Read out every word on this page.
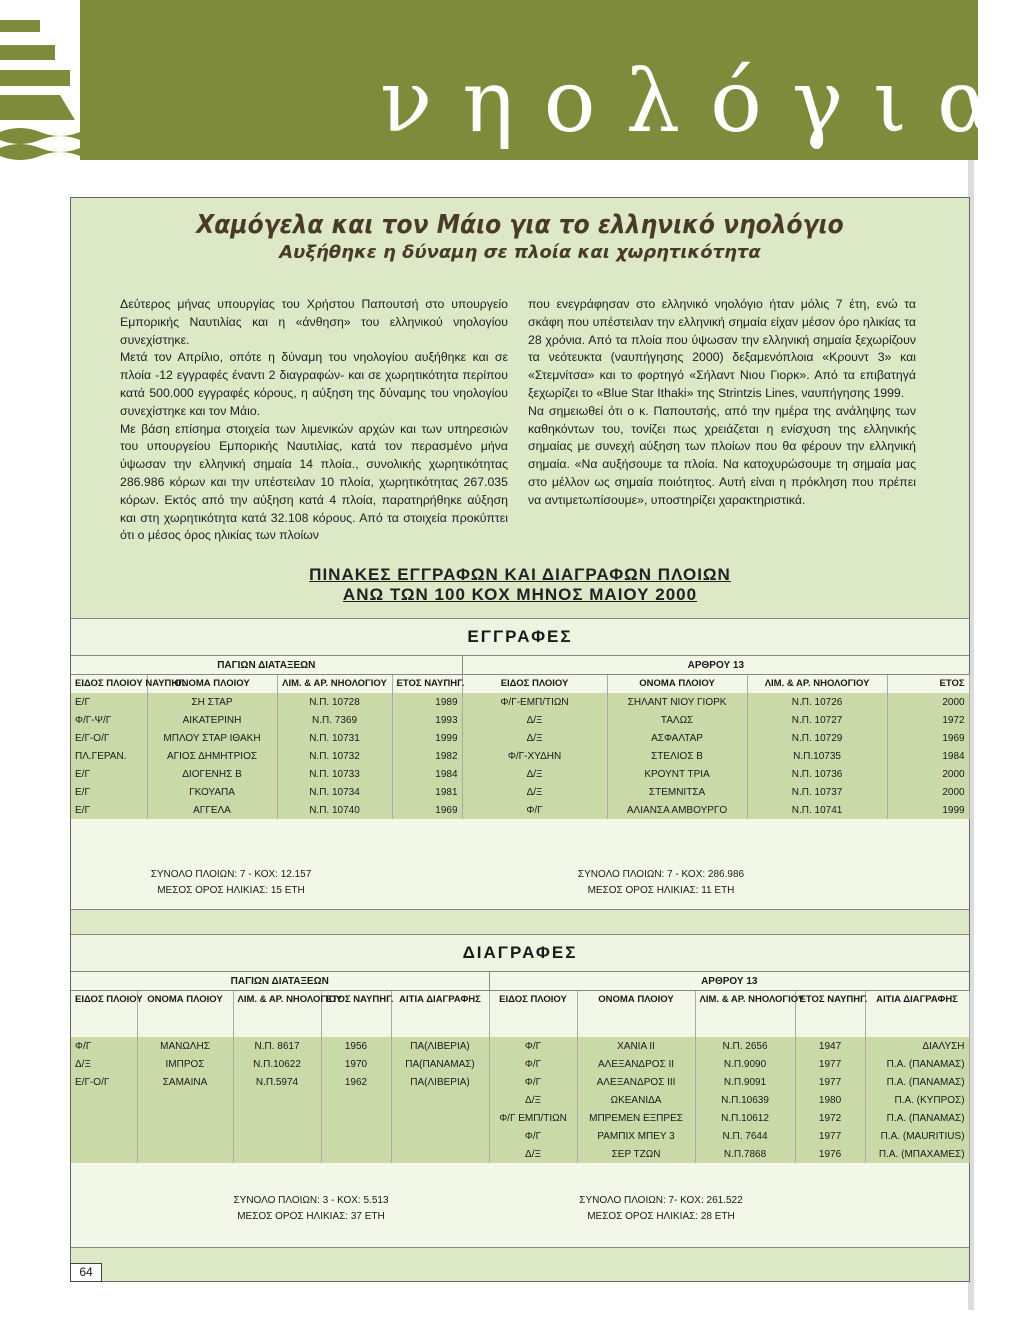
νηολόγια
Χαμόγελα και τον Μάιο για το ελληνικό νηολόγιο
Αυξήθηκε η δύναμη σε πλοία και χωρητικότητα

Δεύτερος μήνας υπουργίας του Χρήστου Παπουτσή στο υπουργείο Εμπορικής Ναυτιλίας και η «άνθηση» του ελληνικού νηολογίου συνεχίστηκε.

Μετά τον Απρίλιο, οπότε η δύναμη του νηολογίου αυξήθηκε και σε πλοία -12 εγγραφές έναντι 2 διαγραφών- και σε χωρητικότητα περίπου κατά 500.000 εγγραφές κόρους, η αύξηση της δύναμης του νηολογίου συνεχίστηκε και τον Μάιο.

Με βάση επίσημα στοιχεία των λιμενικών αρχών και των υπηρεσιών του υπουργείου Εμπορικής Ναυτιλίας, κατά τον περασμένο μήνα ύψωσαν την ελληνική σημαία 14 πλοία., συνολικής χωρητικότητας 286.986 κόρων και την υπέστειλαν 10 πλοία, χωρητικότητας 267.035 κόρων. Εκτός από την αύξηση κατά 4 πλοία, παρατηρήθηκε αύξηση και στη χωρητικότητα κατά 32.108 κόρους. Από τα στοιχεία προκύπτει ότι ο μέσος όρος ηλικίας των πλοίων

που ενεγράφησαν στο ελληνικό νηολόγιο ήταν μόλις 7 έτη, ενώ τα σκάφη που υπέστειλαν την ελληνική σημαία είχαν μέσον όρο ηλικίας τα 28 χρόνια. Από τα πλοία που ύψωσαν την ελληνική σημαία ξεχωρίζουν τα νεότευκτα (ναυπήγησης 2000) δεξαμενόπλοια «Κρουντ 3» και «Στεμνίτσα» και το φορτηγό «Σήλαντ Νιου Γιορκ». Από τα επιβατηγά ξεχωρίζει το «Blue Star Ithaki» της Strintzis Lines, ναυπήγησης 1999.

Να σημειωθεί ότι ο κ. Παπουτσής, από την ημέρα της ανάληψης των καθηκόντων του, τονίζει πως χρειάζεται η ενίσχυση της ελληνικής σημαίας με συνεχή αύξηση των πλοίων που θα φέρουν την ελληνική σημαία. «Να αυξήσουμε τα πλοία. Να κατοχυρώσουμε τη σημαία μας στο μέλλον ως σημαία ποιότητος. Αυτή είναι η πρόκληση που πρέπει να αντιμετωπίσουμε», υποστηρίζει χαρακτηριστικά.

ΠΙΝΑΚΕΣ ΕΓΓΡΑΦΩΝ ΚΑΙ ΔΙΑΓΡΑΦΩΝ ΠΛΟΙΩΝ
ΑΝΩ ΤΩΝ 100 ΚΟΧ ΜΗΝΟΣ ΜΑΙΟΥ 2000
ΕΓΓΡΑΦΕΣ
ΠΑΓΙΩΝ ΔΙΑΤΑΞΕΩΝ				ΑΡΘΡΟΥ 13			
ΕΙΔΟΣ ΠΛΟΙΟΥ ΝΑΥΠΗΓ.	ΟΝΟΜΑ ΠΛΟΙΟΥ	ΛΙΜ. & ΑΡ. ΝΗΟΛΟΓΙΟΥ	ΕΤΟΣ ΝΑΥΠΗΓ.	ΕΙΔΟΣ ΠΛΟΙΟΥ	ΟΝΟΜΑ ΠΛΟΙΟΥ	ΛΙΜ. & ΑΡ. ΝΗΟΛΟΓΙΟΥ	ΕΤΟΣ
Ε/Γ	ΣΗ ΣΤΑΡ	Ν.Π. 10728	1989	Φ/Γ-ΕΜΠ/ΤΙΩΝ	ΣΗΛΑΝΤ ΝΙΟΥ ΓΙΟΡΚ	Ν.Π. 10726	2000
Φ/Γ-Ψ/Γ	ΑΙΚΑΤΕΡΙΝΗ	Ν.Π. 7369	1993	Δ/Ξ	ΤΑΛΩΣ	Ν.Π. 10727	1972
Ε/Γ-Ο/Γ	ΜΠΛΟΥ ΣΤΑΡ ΙΘΑΚΗ	Ν.Π. 10731	1999	Δ/Ξ	ΑΣΦΑΛΤΑΡ	Ν.Π. 10729	1969
ΠΛ.ΓΕΡΑΝ.	ΑΓΙΟΣ ΔΗΜΗΤΡΙΟΣ	Ν.Π. 10732	1982	Φ/Γ-ΧΥΔΗΝ	ΣΤΕΛΙΟΣ Β	Ν.Π.10735	1984
Ε/Γ	ΔΙΟΓΕΝΗΣ Β	Ν.Π. 10733	1984	Δ/Ξ	ΚΡΟΥΝΤ ΤΡΙΑ	Ν.Π. 10736	2000
Ε/Γ	ΓΚΟΥΑΠΑ	Ν.Π. 10734	1981	Δ/Ξ	ΣΤΕΜΝΙΤΣΑ	Ν.Π. 10737	2000
Ε/Γ	ΑΓΓΕΛΑ	Ν.Π. 10740	1969	Φ/Γ	ΑΛΙΑΝΣΑ ΑΜΒΟΥΡΓΟ	Ν.Π. 10741	1999
ΣΥΝΟΛΟ ΠΛΟΙΩΝ: 7 - ΚΟΧ: 12.157
ΜΕΣΟΣ ΟΡΟΣ ΗΛΙΚΙΑΣ: 15 ΕΤΗ
ΣΥΝΟΛΟ ΠΛΟΙΩΝ: 7 - ΚΟΧ: 286.986
ΜΕΣΟΣ ΟΡΟΣ ΗΛΙΚΙΑΣ: 11 ΕΤΗ
ΔΙΑΓΡΑΦΕΣ
ΠΑΓΙΩΝ ΔΙΑΤΑΞΕΩΝ					ΑΡΘΡΟΥ 13				
ΕΙΔΟΣ ΠΛΟΙΟΥ	ΟΝΟΜΑ ΠΛΟΙΟΥ	ΛΙΜ. & ΑΡ. ΝΗΟΛΟΓΙΟΥ	ΕΤΟΣ ΝΑΥΠΗΓ.	ΑΙΤΙΑ ΔΙΑΓΡΑΦΗΣ	ΕΙΔΟΣ ΠΛΟΙΟΥ	ΟΝΟΜΑ ΠΛΟΙΟΥ	ΛΙΜ. & ΑΡ. ΝΗΟΛΟΓΙΟΥ	ΕΤΟΣ ΝΑΥΠΗΓ.	ΑΙΤΙΑ ΔΙΑΓΡΑΦΗΣ
Φ/Γ	ΜΑΝΩΛΗΣ	Ν.Π. 8617	1956	ΠΑ(ΛΙΒΕΡΙΑ)	Φ/Γ	ΧΑΝΙΑ ΙΙ	Ν.Π. 2656	1947	ΔΙΑΛΥΣΗ
Δ/Ξ	ΙΜΠΡΟΣ	Ν.Π.10622	1970	ΠΑ(ΠΑΝΑΜΑΣ)	Φ/Γ	ΑΛΕΞΑΝΔΡΟΣ ΙΙ	Ν.Π.9090	1977	Π.Α. (ΠΑΝΑΜΑΣ)
Ε/Γ-Ο/Γ	ΣΑΜΑΙΝΑ	Ν.Π.5974	1962	ΠΑ(ΛΙΒΕΡΙΑ)	Φ/Γ	ΑΛΕΞΑΝΔΡΟΣ ΙΙΙ	Ν.Π.9091	1977	Π.Α. (ΠΑΝΑΜΑΣ)
					Δ/Ξ	ΩΚΕΑΝΙΔΑ	Ν.Π.10639	1980	Π.Α. (ΚΥΠΡΟΣ)
					Φ/Γ ΕΜΠ/ΤΙΩΝ	ΜΠΡΕΜΕΝ ΕΞΠΡΕΣ	Ν.Π.10612	1972	Π.Α. (ΠΑΝΑΜΑΣ)
					Φ/Γ	ΡΑΜΠΙΧ ΜΠΕΥ 3	Ν.Π. 7644	1977	Π.Α. (MAURITIUS)
					Δ/Ξ	ΣΕΡ ΤΖΩΝ	Ν.Π.7868	1976	Π.Α. (ΜΠΑΧΑΜΕΣ)
ΣΥΝΟΛΟ ΠΛΟΙΩΝ: 3 - ΚΟΧ: 5.513
ΜΕΣΟΣ ΟΡΟΣ ΗΛΙΚΙΑΣ: 37 ΕΤΗ
ΣΥΝΟΛΟ ΠΛΟΙΩΝ: 7- ΚΟΧ: 261.522
ΜΕΣΟΣ ΟΡΟΣ ΗΛΙΚΙΑΣ: 28 ΕΤΗ
64
